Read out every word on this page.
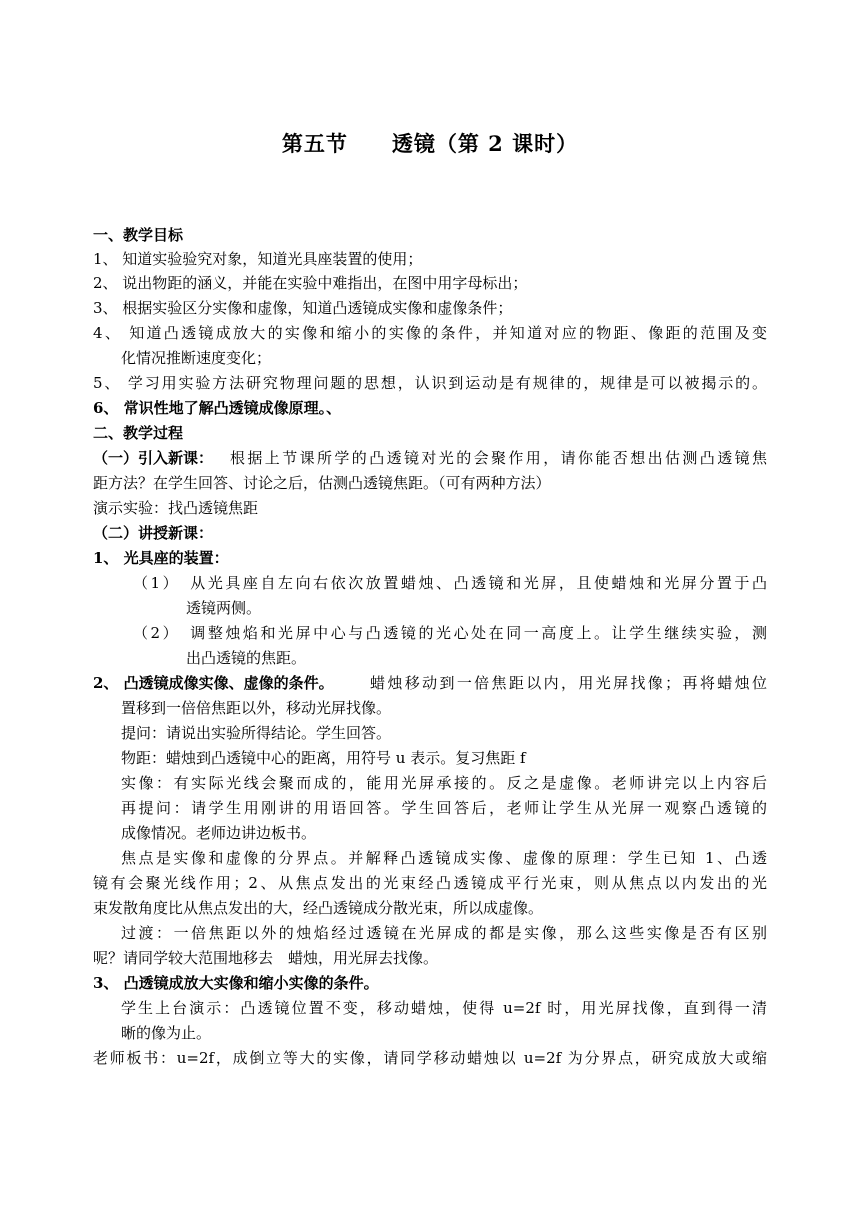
第五节　　透镜（第 2 课时）
一、教学目标
1、 知道实验验究对象，知道光具座装置的使用；
2、 说出物距的涵义，并能在实验中难指出，在图中用字母标出；
3、 根据实验区分实像和虚像，知道凸透镜成实像和虚像条件；
4、 知道凸透镜成放大的实像和缩小的实像的条件，并知道对应的物距、像距的范围及变
化情况推断速度变化；
5、 学习用实验方法研究物理问题的思想，认识到运动是有规律的，规律是可以被揭示的。
6、 常识性地了解凸透镜成像原理。、
二、教学过程
（一）引入新课： 根据上节课所学的凸透镜对光的会聚作用，请你能否想出估测凸透镜焦
距方法？在学生回答、讨论之后，估测凸透镜焦距。（可有两种方法）
演示实验：找凸透镜焦距
（二）讲授新课：
1、 光具座的装置：
（1）　从光具座自左向右依次放置蜡烛、凸透镜和光屏，且使蜡烛和光屏分置于凸
透镜两侧。
（2）　调整烛焰和光屏中心与凸透镜的光心处在同一高度上。让学生继续实验，测
出凸透镜的焦距。
2、 凸透镜成像实像、虚像的条件。 蜡烛移动到一倍焦距以内，用光屏找像；再将蜡烛位
置移到一倍倍焦距以外，移动光屏找像。
提问：请说出实验所得结论。学生回答。
物距：蜡烛到凸透镜中心的距离，用符号 u 表示。复习焦距 f
实像：有实际光线会聚而成的，能用光屏承接的。反之是虚像。老师讲完以上内容后
再提问：请学生用刚讲的用语回答。学生回答后，老师让学生从光屏一观察凸透镜的
成像情况。老师边讲边板书。
焦点是实像和虚像的分界点。并解释凸透镜成实像、虚像的原理：学生已知 1、凸透
镜有会聚光线作用；2、从焦点发出的光束经凸透镜成平行光束，则从焦点以内发出的光
束发散角度比从焦点发出的大，经凸透镜成分散光束，所以成虚像。
过渡：一倍焦距以外的烛焰经过透镜在光屏成的都是实像，那么这些实像是否有区别
呢？请同学较大范围地移去　蜡烛，用光屏去找像。
3、 凸透镜成放大实像和缩小实像的条件。
学生上台演示：凸透镜位置不变，移动蜡烛，使得 u=2f 时，用光屏找像，直到得一清
晰的像为止。
老师板书：u=2f，成倒立等大的实像，请同学移动蜡烛以 u=2f 为分界点，研究成放大或缩
